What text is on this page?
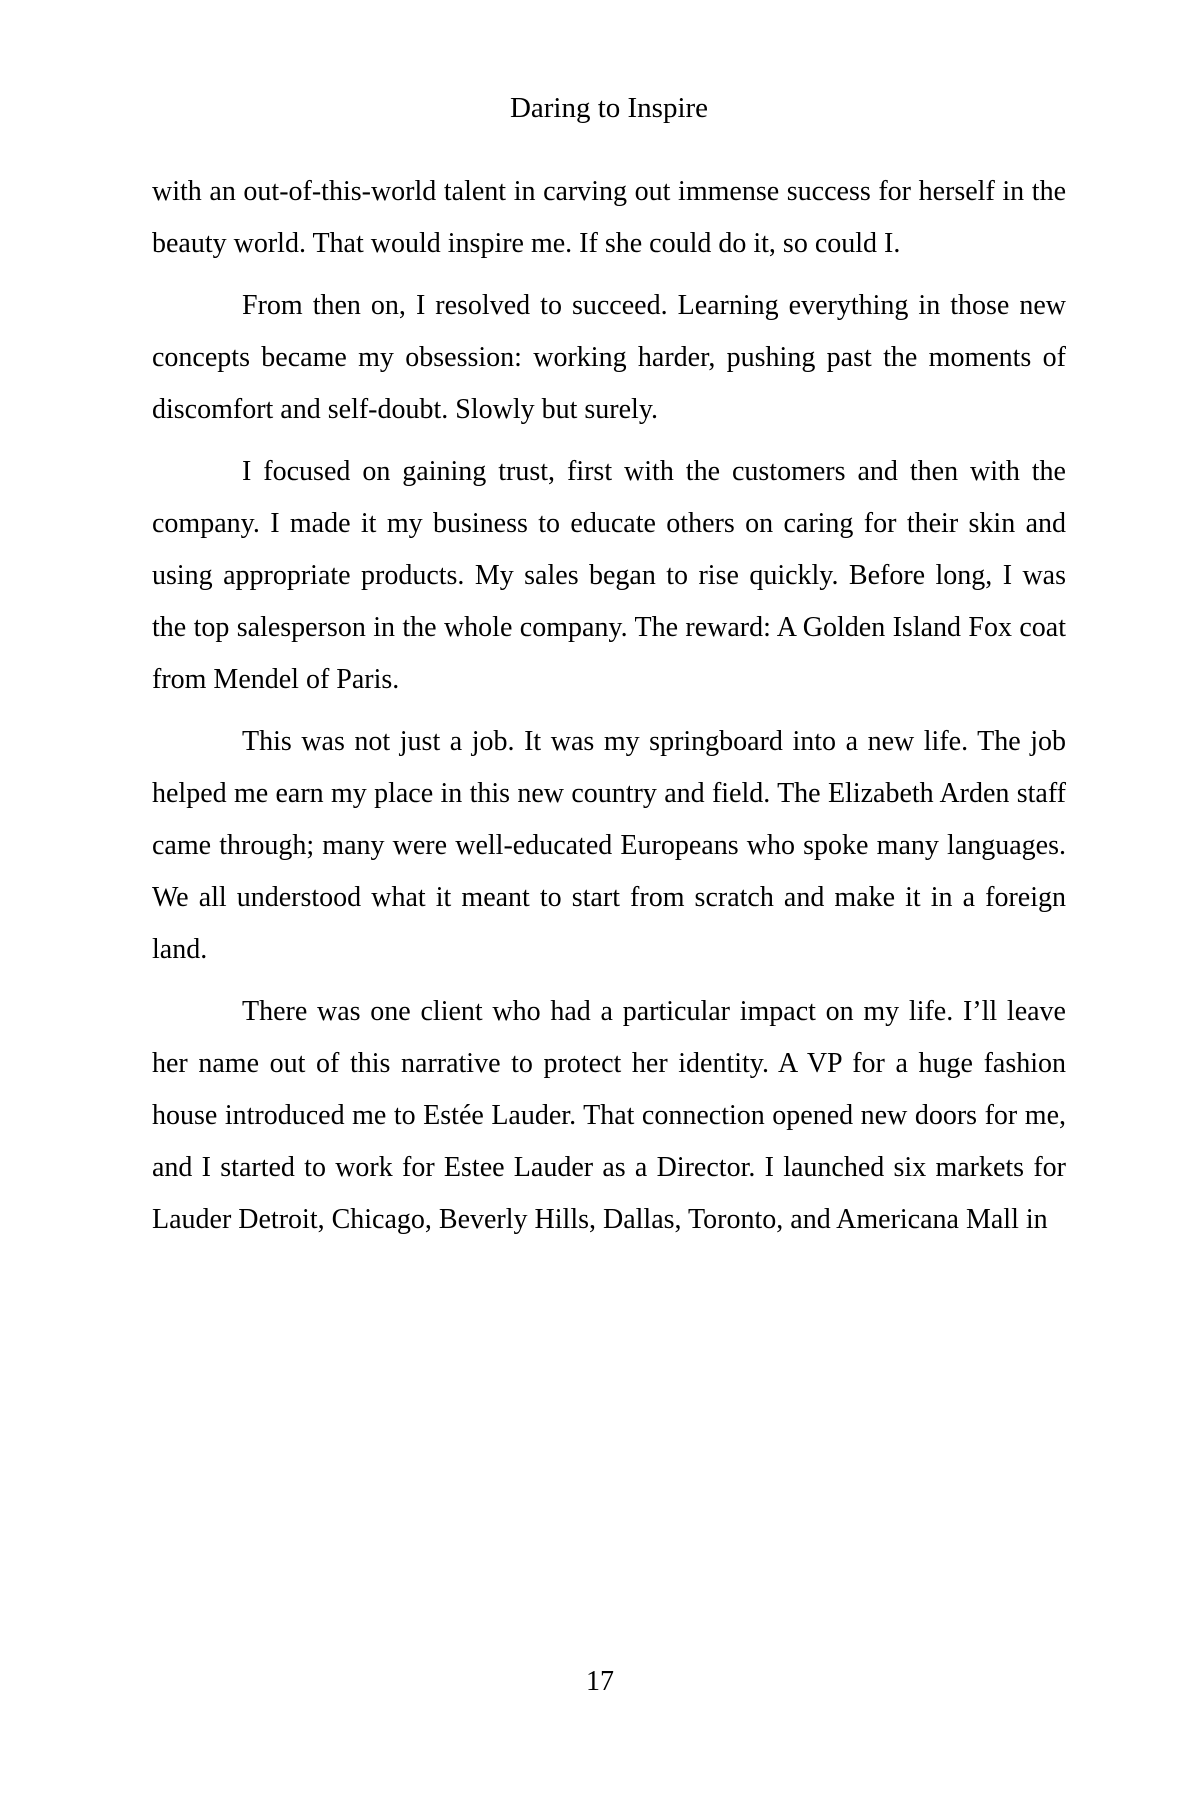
Daring to Inspire

with an out-of-this-world talent in carving out immense success for herself in the beauty world. That would inspire me. If she could do it, so could I.

From then on, I resolved to succeed. Learning everything in those new concepts became my obsession: working harder, pushing past the moments of discomfort and self-doubt. Slowly but surely.

I focused on gaining trust, first with the customers and then with the company. I made it my business to educate others on caring for their skin and using appropriate products. My sales began to rise quickly. Before long, I was the top salesperson in the whole company. The reward: A Golden Island Fox coat from Mendel of Paris.

This was not just a job. It was my springboard into a new life. The job helped me earn my place in this new country and field. The Elizabeth Arden staff came through; many were well-educated Europeans who spoke many languages. We all understood what it meant to start from scratch and make it in a foreign land.

There was one client who had a particular impact on my life. I’ll leave her name out of this narrative to protect her identity. A VP for a huge fashion house introduced me to Estée Lauder. That connection opened new doors for me, and I started to work for Estee Lauder as a Director. I launched six markets for Lauder Detroit, Chicago, Beverly Hills, Dallas, Toronto, and Americana Mall in

17
